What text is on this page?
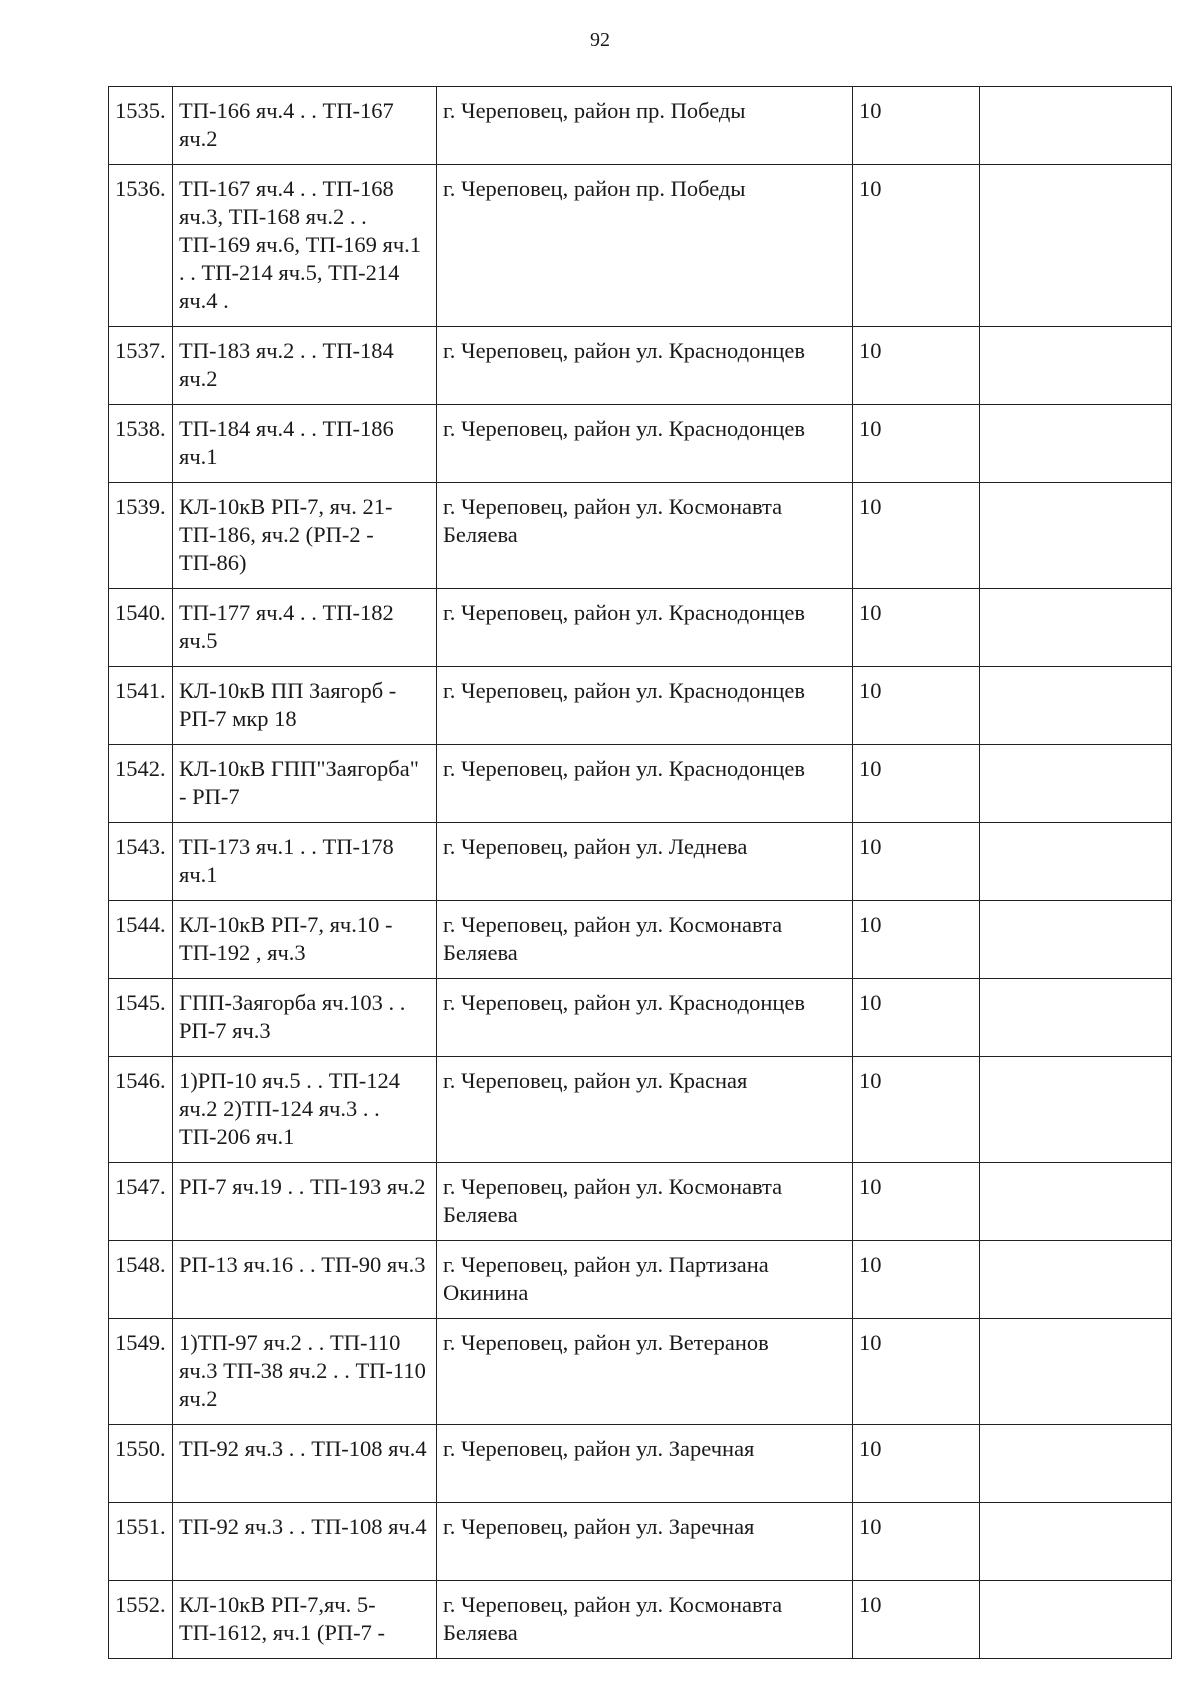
92
1535.	ТП-166 яч.4 . . ТП-167 яч.2	г. Череповец, район пр. Победы	10	
1536.	ТП-167 яч.4 . . ТП-168 яч.3, ТП-168 яч.2 . . ТП-169 яч.6, ТП-169 яч.1 . . ТП-214 яч.5, ТП-214 яч.4 .	г. Череповец, район пр. Победы	10	
1537.	ТП-183 яч.2 . . ТП-184 яч.2	г. Череповец, район ул. Краснодонцев	10	
1538.	ТП-184 яч.4 . . ТП-186 яч.1	г. Череповец, район ул. Краснодонцев	10	
1539.	КЛ-10кВ РП-7, яч. 21-ТП-186, яч.2 (РП-2 - ТП-86)	г. Череповец, район ул. Космонавта Беляева	10	
1540.	ТП-177 яч.4 . . ТП-182 яч.5	г. Череповец, район ул. Краснодонцев	10	
1541.	КЛ-10кВ ПП Заягорб - РП-7 мкр 18	г. Череповец, район ул. Краснодонцев	10	
1542.	КЛ-10кВ ГПП"Заягорба" - РП-7	г. Череповец, район ул. Краснодонцев	10	
1543.	ТП-173 яч.1 . . ТП-178 яч.1	г. Череповец, район ул. Леднева	10	
1544.	КЛ-10кВ РП-7, яч.10 - ТП-192 , яч.3	г. Череповец, район ул. Космонавта Беляева	10	
1545.	ГПП-Заягорба яч.103 . . РП-7 яч.3	г. Череповец, район ул. Краснодонцев	10	
1546.	1)РП-10 яч.5 . . ТП-124 яч.2 2)ТП-124 яч.3 . . ТП-206 яч.1	г. Череповец, район ул. Красная	10	
1547.	РП-7 яч.19 . . ТП-193 яч.2	г. Череповец, район ул. Космонавта Беляева	10	
1548.	РП-13 яч.16 . . ТП-90 яч.3	г. Череповец, район ул. Партизана Окинина	10	
1549.	1)ТП-97 яч.2 . . ТП-110 яч.3 ТП-38 яч.2 . . ТП-110 яч.2	г. Череповец, район ул. Ветеранов	10	
1550.	ТП-92 яч.3 . . ТП-108 яч.4	г. Череповец, район ул. Заречная	10	
1551.	ТП-92 яч.3 . . ТП-108 яч.4	г. Череповец, район ул. Заречная	10	
1552.	КЛ-10кВ РП-7,яч. 5-ТП-1612, яч.1 (РП-7 -	г. Череповец, район ул. Космонавта Беляева	10	
